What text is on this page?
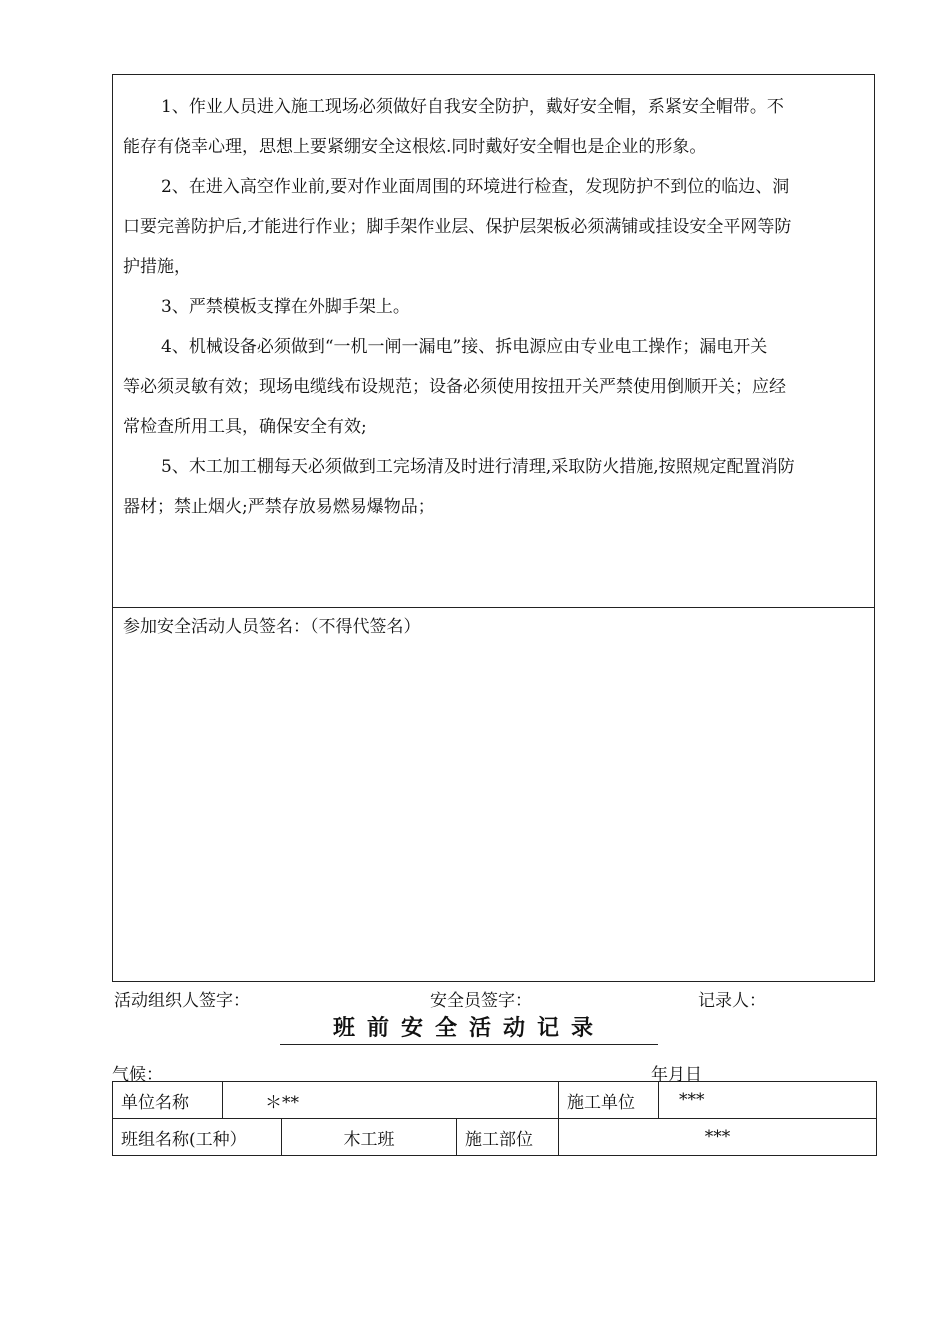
1、作业人员进入施工现场必须做好自我安全防护，戴好安全帽，系紧安全帽带。不
能存有侥幸心理，思想上要紧绷安全这根炫.同时戴好安全帽也是企业的形象。

2、在进入高空作业前,要对作业面周围的环境进行检查，发现防护不到位的临边、洞
口要完善防护后,才能进行作业；脚手架作业层、保护层架板必须满铺或挂设安全平网等防
护措施，

3、严禁模板支撑在外脚手架上。

4、机械设备必须做到“一机一闸一漏电”接、拆电源应由专业电工操作；漏电开关
等必须灵敏有效；现场电缆线布设规范；设备必须使用按扭开关严禁使用倒顺开关；应经
常检查所用工具，确保安全有效;

5、木工加工棚每天必须做到工完场清及时进行清理,采取防火措施,按照规定配置消防
器材；禁止烟火;严禁存放易燃易爆物品；

参加安全活动人员签名：（不得代签名）
活动组织人签字：	安全员签字：	记录人：
班前安全活动记录
气候：	年月日
单位名称	＊**			施工单位	***
班组名称(工种）		木工班	施工部位	***	
